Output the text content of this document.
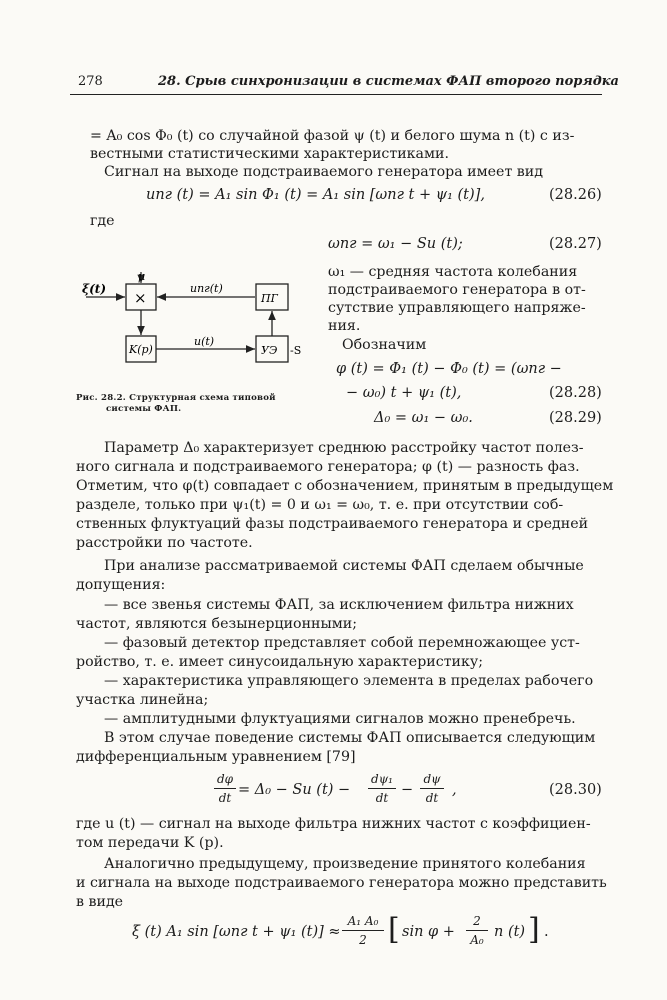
278	28. Срыв синхронизации в системах ФАП второго порядка
= A₀ cos Φ₀ (t) со случайной фазой ψ (t) и белого шума n (t) с из-
вестными статистическими характеристиками.
Сигнал на выходе подстраиваемого генератора имеет вид
uпг (t) = A₁ sin Φ₁ (t) = A₁ sin [ωпг t + ψ₁ (t)],	(28.26)
где
ωпг = ω₁ − Su (t);	(28.27)
ξ(t)
μ
×	ПГ
K(p)	УЭ -S
uпг(t)
u(t)
Рис. 28.2. Структурная схема типовой
системы ФАП.
ω₁ — средняя частота колебания
подстраиваемого генератора в от-
сутствие управляющего напряже-
ния.
Обозначим
φ (t) = Φ₁ (t) − Φ₀ (t) = (ωпг −
− ω₀) t + ψ₁ (t),	(28.28)
Δ₀ = ω₁ − ω₀.	(28.29)
Параметр Δ₀ характеризует среднюю расстройку частот полез-
ного сигнала и подстраиваемого генератора; φ (t) — разность фаз.
Отметим, что φ(t) совпадает с обозначением, принятым в предыдущем
разделе, только при ψ₁(t) = 0 и ω₁ = ω₀, т. е. при отсутствии соб-
ственных флуктуаций фазы подстраиваемого генератора и средней
расстройки по частоте.
При анализе рассматриваемой системы ФАП сделаем обычные
допущения:
— все звенья системы ФАП, за исключением фильтра нижних
частот, являются безынерционными;
— фазовый детектор представляет собой перемножающее уст-
ройство, т. е. имеет синусоидальную характеристику;
— характеристика управляющего элемента в пределах рабочего
участка линейна;
— амплитудными флуктуациями сигналов можно пренебречь.
В этом случае поведение системы ФАП описывается следующим
дифференциальным уравнением [79]
$\frac{d\varphi}{dt} = \Delta_0 - Su$ $(t) - \frac{\text{dψ₁}}{dt} - \frac{d\psi}{dt}$ ,	(28.30)
где u (t) — сигнал на выходе фильтра нижних частот с коэффициен-
том передачи K (p).
Аналогично предыдущему, произведение принятого колебания
и сигнала на выходе подстраиваемого генератора можно представить
в виде
ξ (t) A₁ sin [ωпг t + ψ₁ $(t)] \approx \frac{\text{A₁ A₀}}{2}$ [ $\sin \varphi + \frac{2}{\text{A₀}}$ n (t) ] .
